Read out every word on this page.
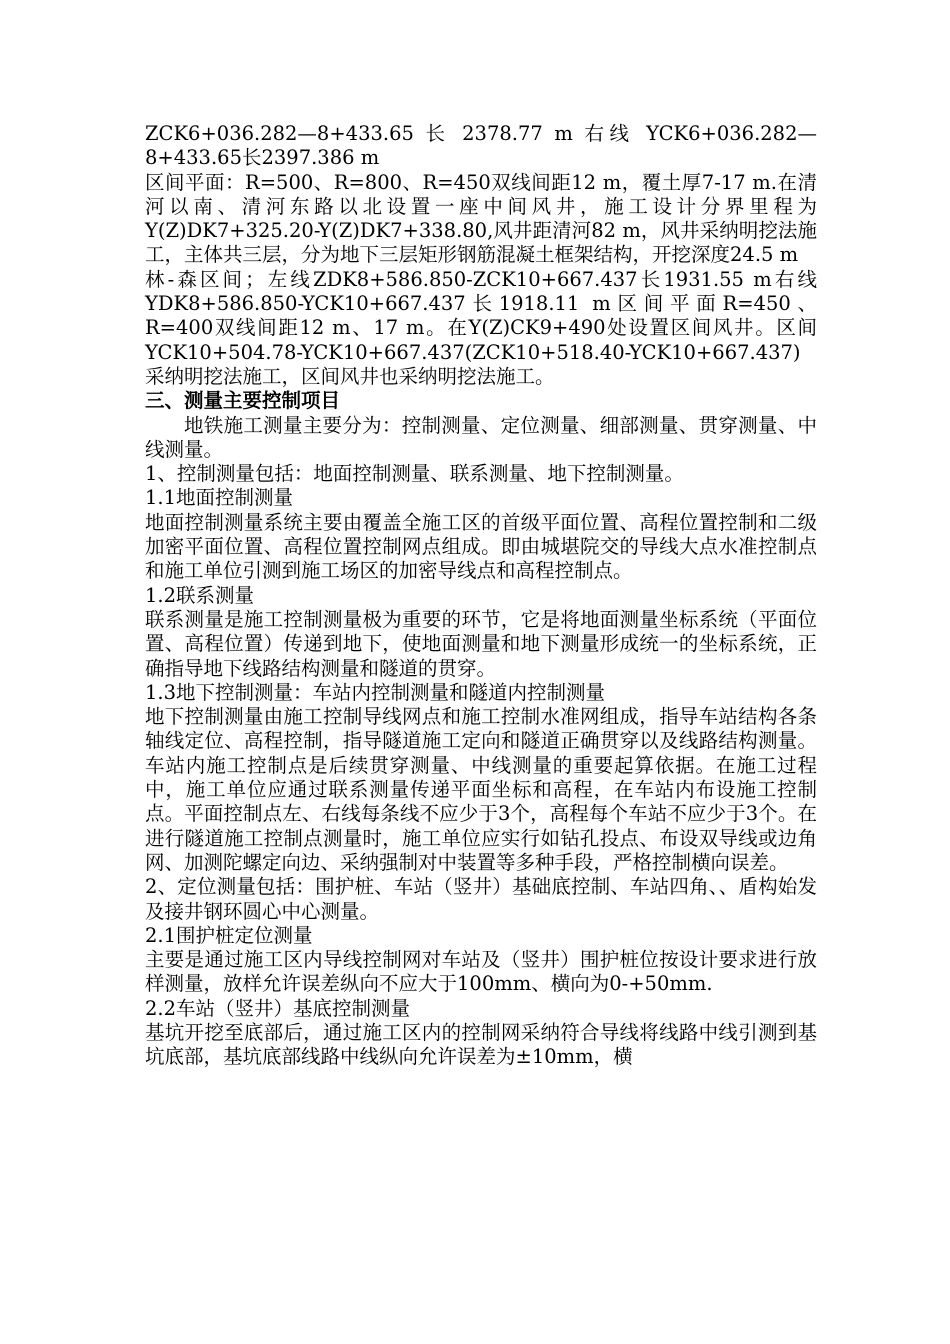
ZCK6+036.282—8+433.65 长 2378.77 m 右线 YCK6+036.282—8+433.65长2397.386 m

区间平面：R=500、R=800、R=450双线间距12 m，覆土厚7-17 m.在清河以南、清河东路以北设置一座中间风井，施工设计分界里程为Y(Z)DK7+325.20-Y(Z)DK7+338.80,风井距清河82 m，风井采纳明挖法施工，主体共三层，分为地下三层矩形钢筋混凝土框架结构，开挖深度24.5 m

林-森区间；左线ZDK8+586.850-ZCK10+667.437长1931.55 m右线YDK8+586.850-YCK10+667.437长1918.11 m区间平面R=450、R=400双线间距12 m、17 m。在Y(Z)CK9+490处设置区间风井。区间YCK10+504.78-YCK10+667.437(ZCK10+518.40-YCK10+667.437)采纳明挖法施工，区间风井也采纳明挖法施工。

三、测量主要控制项目

地铁施工测量主要分为：控制测量、定位测量、细部测量、贯穿测量、中线测量。

1、控制测量包括：地面控制测量、联系测量、地下控制测量。

1.1地面控制测量

地面控制测量系统主要由覆盖全施工区的首级平面位置、高程位置控制和二级加密平面位置、高程位置控制网点组成。即由城堪院交的导线大点水准控制点和施工单位引测到施工场区的加密导线点和高程控制点。

1.2联系测量

联系测量是施工控制测量极为重要的环节，它是将地面测量坐标系统（平面位置、高程位置）传递到地下，使地面测量和地下测量形成统一的坐标系统，正确指导地下线路结构测量和隧道的贯穿。

1.3地下控制测量：车站内控制测量和隧道内控制测量

地下控制测量由施工控制导线网点和施工控制水准网组成，指导车站结构各条轴线定位、高程控制，指导隧道施工定向和隧道正确贯穿以及线路结构测量。车站内施工控制点是后续贯穿测量、中线测量的重要起算依据。在施工过程中，施工单位应通过联系测量传递平面坐标和高程，在车站内布设施工控制点。平面控制点左、右线每条线不应少于3个，高程每个车站不应少于3个。在进行隧道施工控制点测量时，施工单位应实行如钻孔投点、布设双导线或边角网、加测陀螺定向边、采纳强制对中装置等多种手段，严格控制横向误差。

2、定位测量包括：围护桩、车站（竖井）基础底控制、车站四角、、盾构始发及接井钢环圆心中心测量。

2.1围护桩定位测量

主要是通过施工区内导线控制网对车站及（竖井）围护桩位按设计要求进行放样测量，放样允许误差纵向不应大于100mm、横向为0-+50mm.

2.2车站（竖井）基底控制测量

基坑开挖至底部后，通过施工区内的控制网采纳符合导线将线路中线引测到基坑底部，基坑底部线路中线纵向允许误差为±10mm，横
